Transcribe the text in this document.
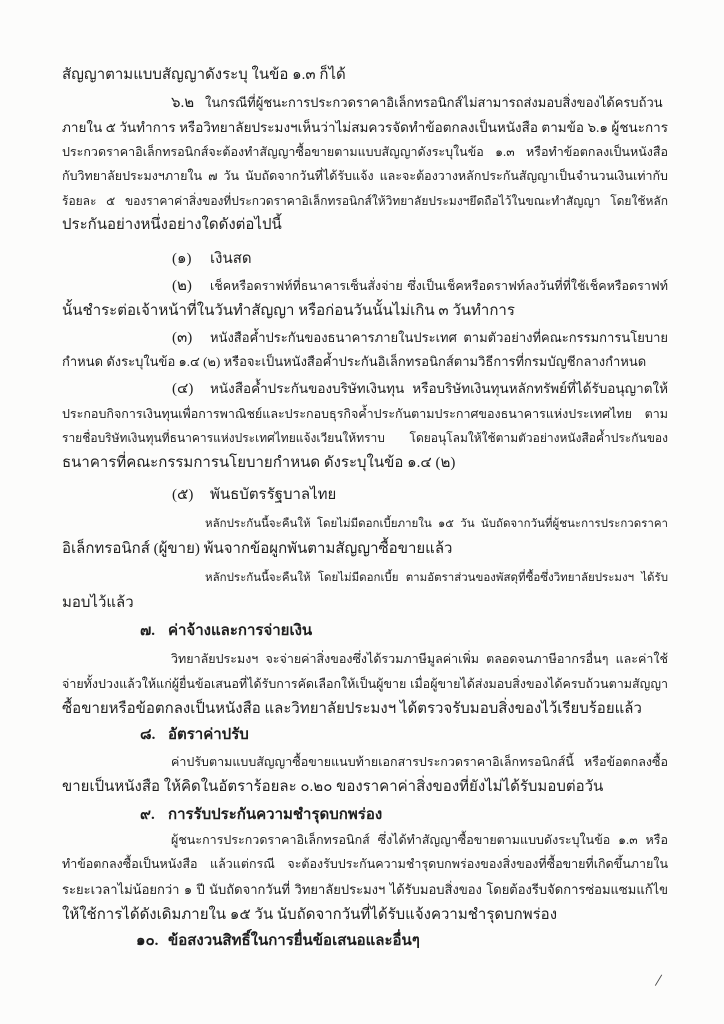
สัญญาตามแบบสัญญาดังระบุ ในข้อ ๑.๓ ก็ได้
๖.๒ ในกรณีที่ผู้ชนะการประกวดราคาอิเล็กทรอนิกส์ไม่สามารถส่งมอบสิ่งของได้ครบถ้วน
ภายใน ๕ วันทำการ หรือวิทยาลัยประมงฯเห็นว่าไม่สมควรจัดทำข้อตกลงเป็นหนังสือ ตามข้อ ๖.๑ ผู้ชนะการ
ประกวดราคาอิเล็กทรอนิกส์จะต้องทำสัญญาซื้อขายตามแบบสัญญาดังระบุในข้อ ๑.๓ หรือทำข้อตกลงเป็นหนังสือ
กับวิทยาลัยประมงฯภายใน ๗ วัน นับถัดจากวันที่ได้รับแจ้ง และจะต้องวางหลักประกันสัญญาเป็นจำนวนเงินเท่ากับ
ร้อยละ ๕ ของราคาค่าสิ่งของที่ประกวดราคาอิเล็กทรอนิกส์ให้วิทยาลัยประมงฯยึดถือไว้ในขณะทำสัญญา โดยใช้หลัก
ประกันอย่างหนึ่งอย่างใดดังต่อไปนี้
(๑) เงินสด
(๒) เช็คหรือดราฟท์ที่ธนาคารเซ็นสั่งจ่าย ซึ่งเป็นเช็คหรือดราฟท์ลงวันที่ที่ใช้เช็คหรือดราฟท์
นั้นชำระต่อเจ้าหน้าที่ในวันทำสัญญา หรือก่อนวันนั้นไม่เกิน ๓ วันทำการ
(๓) หนังสือค้ำประกันของธนาคารภายในประเทศ ตามตัวอย่างที่คณะกรรมการนโยบาย
กำหนด ดังระบุในข้อ ๑.๔ (๒) หรือจะเป็นหนังสือค้ำประกันอิเล็กทรอนิกส์ตามวิธีการที่กรมบัญชีกลางกำหนด
(๔) หนังสือค้ำประกันของบริษัทเงินทุน หรือบริษัทเงินทุนหลักทรัพย์ที่ได้รับอนุญาตให้
ประกอบกิจการเงินทุนเพื่อการพาณิชย์และประกอบธุรกิจค้ำประกันตามประกาศของธนาคารแห่งประเทศไทย ตาม
รายชื่อบริษัทเงินทุนที่ธนาคารแห่งประเทศไทยแจ้งเวียนให้ทราบ โดยอนุโลมให้ใช้ตามตัวอย่างหนังสือค้ำประกันของ
ธนาคารที่คณะกรรมการนโยบายกำหนด ดังระบุในข้อ ๑.๔ (๒)
(๕) พันธบัตรรัฐบาลไทย
หลักประกันนี้จะคืนให้ โดยไม่มีดอกเบี้ยภายใน ๑๕ วัน นับถัดจากวันที่ผู้ชนะการประกวดราคา
อิเล็กทรอนิกส์ (ผู้ขาย) พ้นจากข้อผูกพันตามสัญญาซื้อขายแล้ว
หลักประกันนี้จะคืนให้ โดยไม่มีดอกเบี้ย ตามอัตราส่วนของพัสดุที่ซื้อซึ่งวิทยาลัยประมงฯ ได้รับ
มอบไว้แล้ว
๗. ค่าจ้างและการจ่ายเงิน
วิทยาลัยประมงฯ จะจ่ายค่าสิ่งของซึ่งได้รวมภาษีมูลค่าเพิ่ม ตลอดจนภาษีอากรอื่นๆ และค่าใช้
จ่ายทั้งปวงแล้วให้แก่ผู้ยื่นข้อเสนอที่ได้รับการคัดเลือกให้เป็นผู้ขาย เมื่อผู้ขายได้ส่งมอบสิ่งของได้ครบถ้วนตามสัญญา
ซื้อขายหรือข้อตกลงเป็นหนังสือ และวิทยาลัยประมงฯ ได้ตรวจรับมอบสิ่งของไว้เรียบร้อยแล้ว
๘. อัตราค่าปรับ
ค่าปรับตามแบบสัญญาซื้อขายแนบท้ายเอกสารประกวดราคาอิเล็กทรอนิกส์นี้ หรือข้อตกลงซื้อ
ขายเป็นหนังสือ ให้คิดในอัตราร้อยละ ๐.๒๐ ของราคาค่าสิ่งของที่ยังไม่ได้รับมอบต่อวัน
๙. การรับประกันความชำรุดบกพร่อง
ผู้ชนะการประกวดราคาอิเล็กทรอนิกส์ ซึ่งได้ทำสัญญาซื้อขายตามแบบดังระบุในข้อ ๑.๓ หรือ
ทำข้อตกลงซื้อเป็นหนังสือ แล้วแต่กรณี จะต้องรับประกันความชำรุดบกพร่องของสิ่งของที่ซื้อขายที่เกิดขึ้นภายใน
ระยะเวลาไม่น้อยกว่า ๑ ปี นับถัดจากวันที่ วิทยาลัยประมงฯ ได้รับมอบสิ่งของ โดยต้องรีบจัดการซ่อมแซมแก้ไข
ให้ใช้การได้ดังเดิมภายใน ๑๕ วัน นับถัดจากวันที่ได้รับแจ้งความชำรุดบกพร่อง
๑๐. ข้อสงวนสิทธิ์ในการยื่นข้อเสนอและอื่นๆ
/
